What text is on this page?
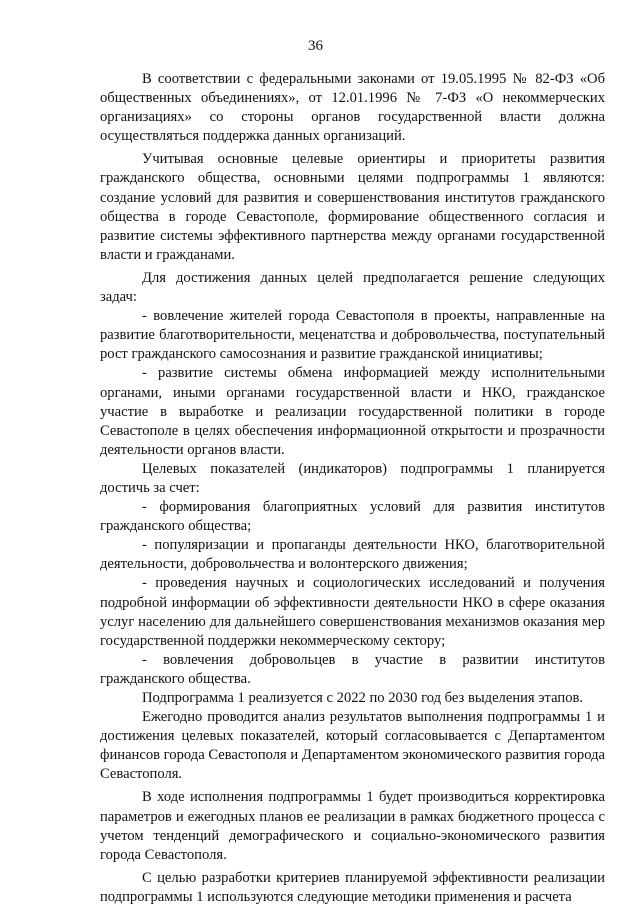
36

В соответствии с федеральными законами от 19.05.1995 № 82-ФЗ «Об общественных объединениях», от 12.01.1996 № 7-ФЗ «О некоммерческих организациях» со стороны органов государственной власти должна осуществляться поддержка данных организаций.

Учитывая основные целевые ориентиры и приоритеты развития гражданского общества, основными целями подпрограммы 1 являются: создание условий для развития и совершенствования институтов гражданского общества в городе Севастополе, формирование общественного согласия и развитие системы эффективного партнерства между органами государственной власти и гражданами.

Для достижения данных целей предполагается решение следующих задач:

- вовлечение жителей города Севастополя в проекты, направленные на развитие благотворительности, меценатства и добровольчества, поступательный рост гражданского самосознания и развитие гражданской инициативы;

- развитие системы обмена информацией между исполнительными органами, иными органами государственной власти и НКО, гражданское участие в выработке и реализации государственной политики в городе Севастополе в целях обеспечения информационной открытости и прозрачности деятельности органов власти.

Целевых показателей (индикаторов) подпрограммы 1 планируется достичь за счет:

- формирования благоприятных условий для развития институтов гражданского общества;

- популяризации и пропаганды деятельности НКО, благотворительной деятельности, добровольчества и волонтерского движения;

- проведения научных и социологических исследований и получения подробной информации об эффективности деятельности НКО в сфере оказания услуг населению для дальнейшего совершенствования механизмов оказания мер государственной поддержки некоммерческому сектору;

- вовлечения добровольцев в участие в развитии институтов гражданского общества.

Подпрограмма 1 реализуется с 2022 по 2030 год без выделения этапов.

Ежегодно проводится анализ результатов выполнения подпрограммы 1 и достижения целевых показателей, который согласовывается с Департаментом финансов города Севастополя и Департаментом экономического развития города Севастополя.

В ходе исполнения подпрограммы 1 будет производиться корректировка параметров и ежегодных планов ее реализации в рамках бюджетного процесса с учетом тенденций демографического и социально-экономического развития города Севастополя.

С целью разработки критериев планируемой эффективности реализации подпрограммы 1 используются следующие методики применения и расчета
